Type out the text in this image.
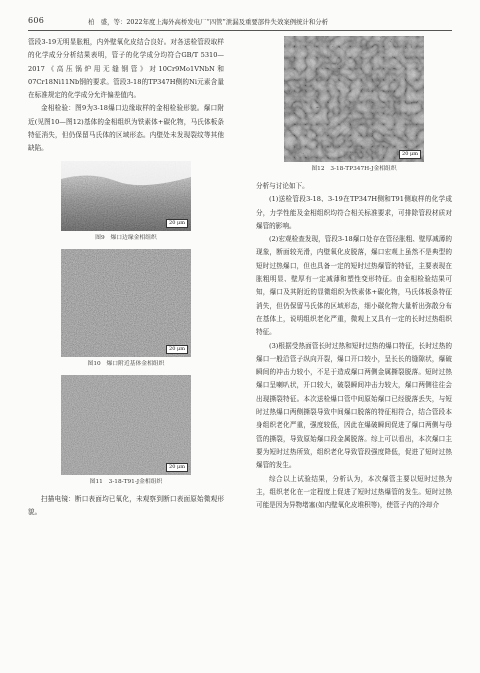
606	柏　盛，等：2022年度上海外高桥发电厂“四管”泄漏及重要部件失效案例统计和分析

管段3-19无明显胀粗，内外壁氧化皮结合良好。对各送检管段取样的化学成分分析结果表明，管子的化学成分均符合GB/T 5310—2017《高压锅炉用无缝钢管》对10Cr9Mo1VNbN和07Cr18Ni11Nb钢的要求。管段3-18的TP347H侧的Ni元素含量在标准规定的化学成分允许偏差值内。

金相检验：图9为3-18爆口边缘取样的金相检验形貌。爆口附近(见图10—图12)基体的金相组织为铁素体+碳化物，马氏体板条特征消失，但仍保留马氏体的区域形态。内壁处未发现裂纹等其他缺陷。

20 μm
图9　爆口边缘金相组织
20 μm
图10　爆口附近基体金相组织
20 μm
图11　3-18-T91-J金相组织

扫描电镜：断口表面均已氧化，未观察到断口表面原始微观形貌。

20 μm
图12　3-18-TP347H-J金相组织

分析与讨论如下。

(1)送检管段3-18、3-19在TP347H侧和T91侧取样的化学成分，力学性能及金相组织均符合相关标准要求，可排除管段材质对爆管的影响。

(2)宏观检查发现，管段3-18爆口处存在管径胀粗、壁厚减薄的现象，断面较光滑，内壁氧化皮脱落，爆口宏观上虽然不是典型的短时过热爆口，但也具备一定的短时过热爆管的特征，主要表现在胀粗明显、壁厚有一定减薄和塑性变形特征。由金相检验结果可知，爆口及其附近的显微组织为铁素体+碳化物，马氏体板条特征消失，但仍保留马氏体的区域形态，细小碳化物大量析出弥散分布在基体上，说明组织老化严重，微观上又具有一定的长时过热组织特征。

(3)根据受热面管长时过热和短时过热的爆口特征，长时过热的爆口一般沿管子纵向开裂，爆口开口较小，呈长长的缝隙状，爆破瞬间的冲击力较小，不足于造成爆口两侧金属撕裂脱落。短时过热爆口呈喇叭状，开口较大，破裂瞬间冲击力较大，爆口两侧往往会出现撕裂特征。本次送检爆口管中间原始爆口已经脱落丢失，与短时过热爆口两侧撕裂导致中间爆口脱落的特征相符合，结合管段本身组织老化严重，强度较低，因此在爆破瞬间促进了爆口两侧与母管的撕裂，导致原始爆口段金属脱落。综上可以看出，本次爆口主要为短时过热所致，组织老化导致管段强度降低，促进了短时过热爆管的发生。

综合以上试验结果，分析认为，本次爆管主要以短时过热为主，组织老化在一定程度上促进了短时过热爆管的发生。短时过热可能是因为异物堵塞(如内壁氧化皮堆积等)，使管子内的冷却介
